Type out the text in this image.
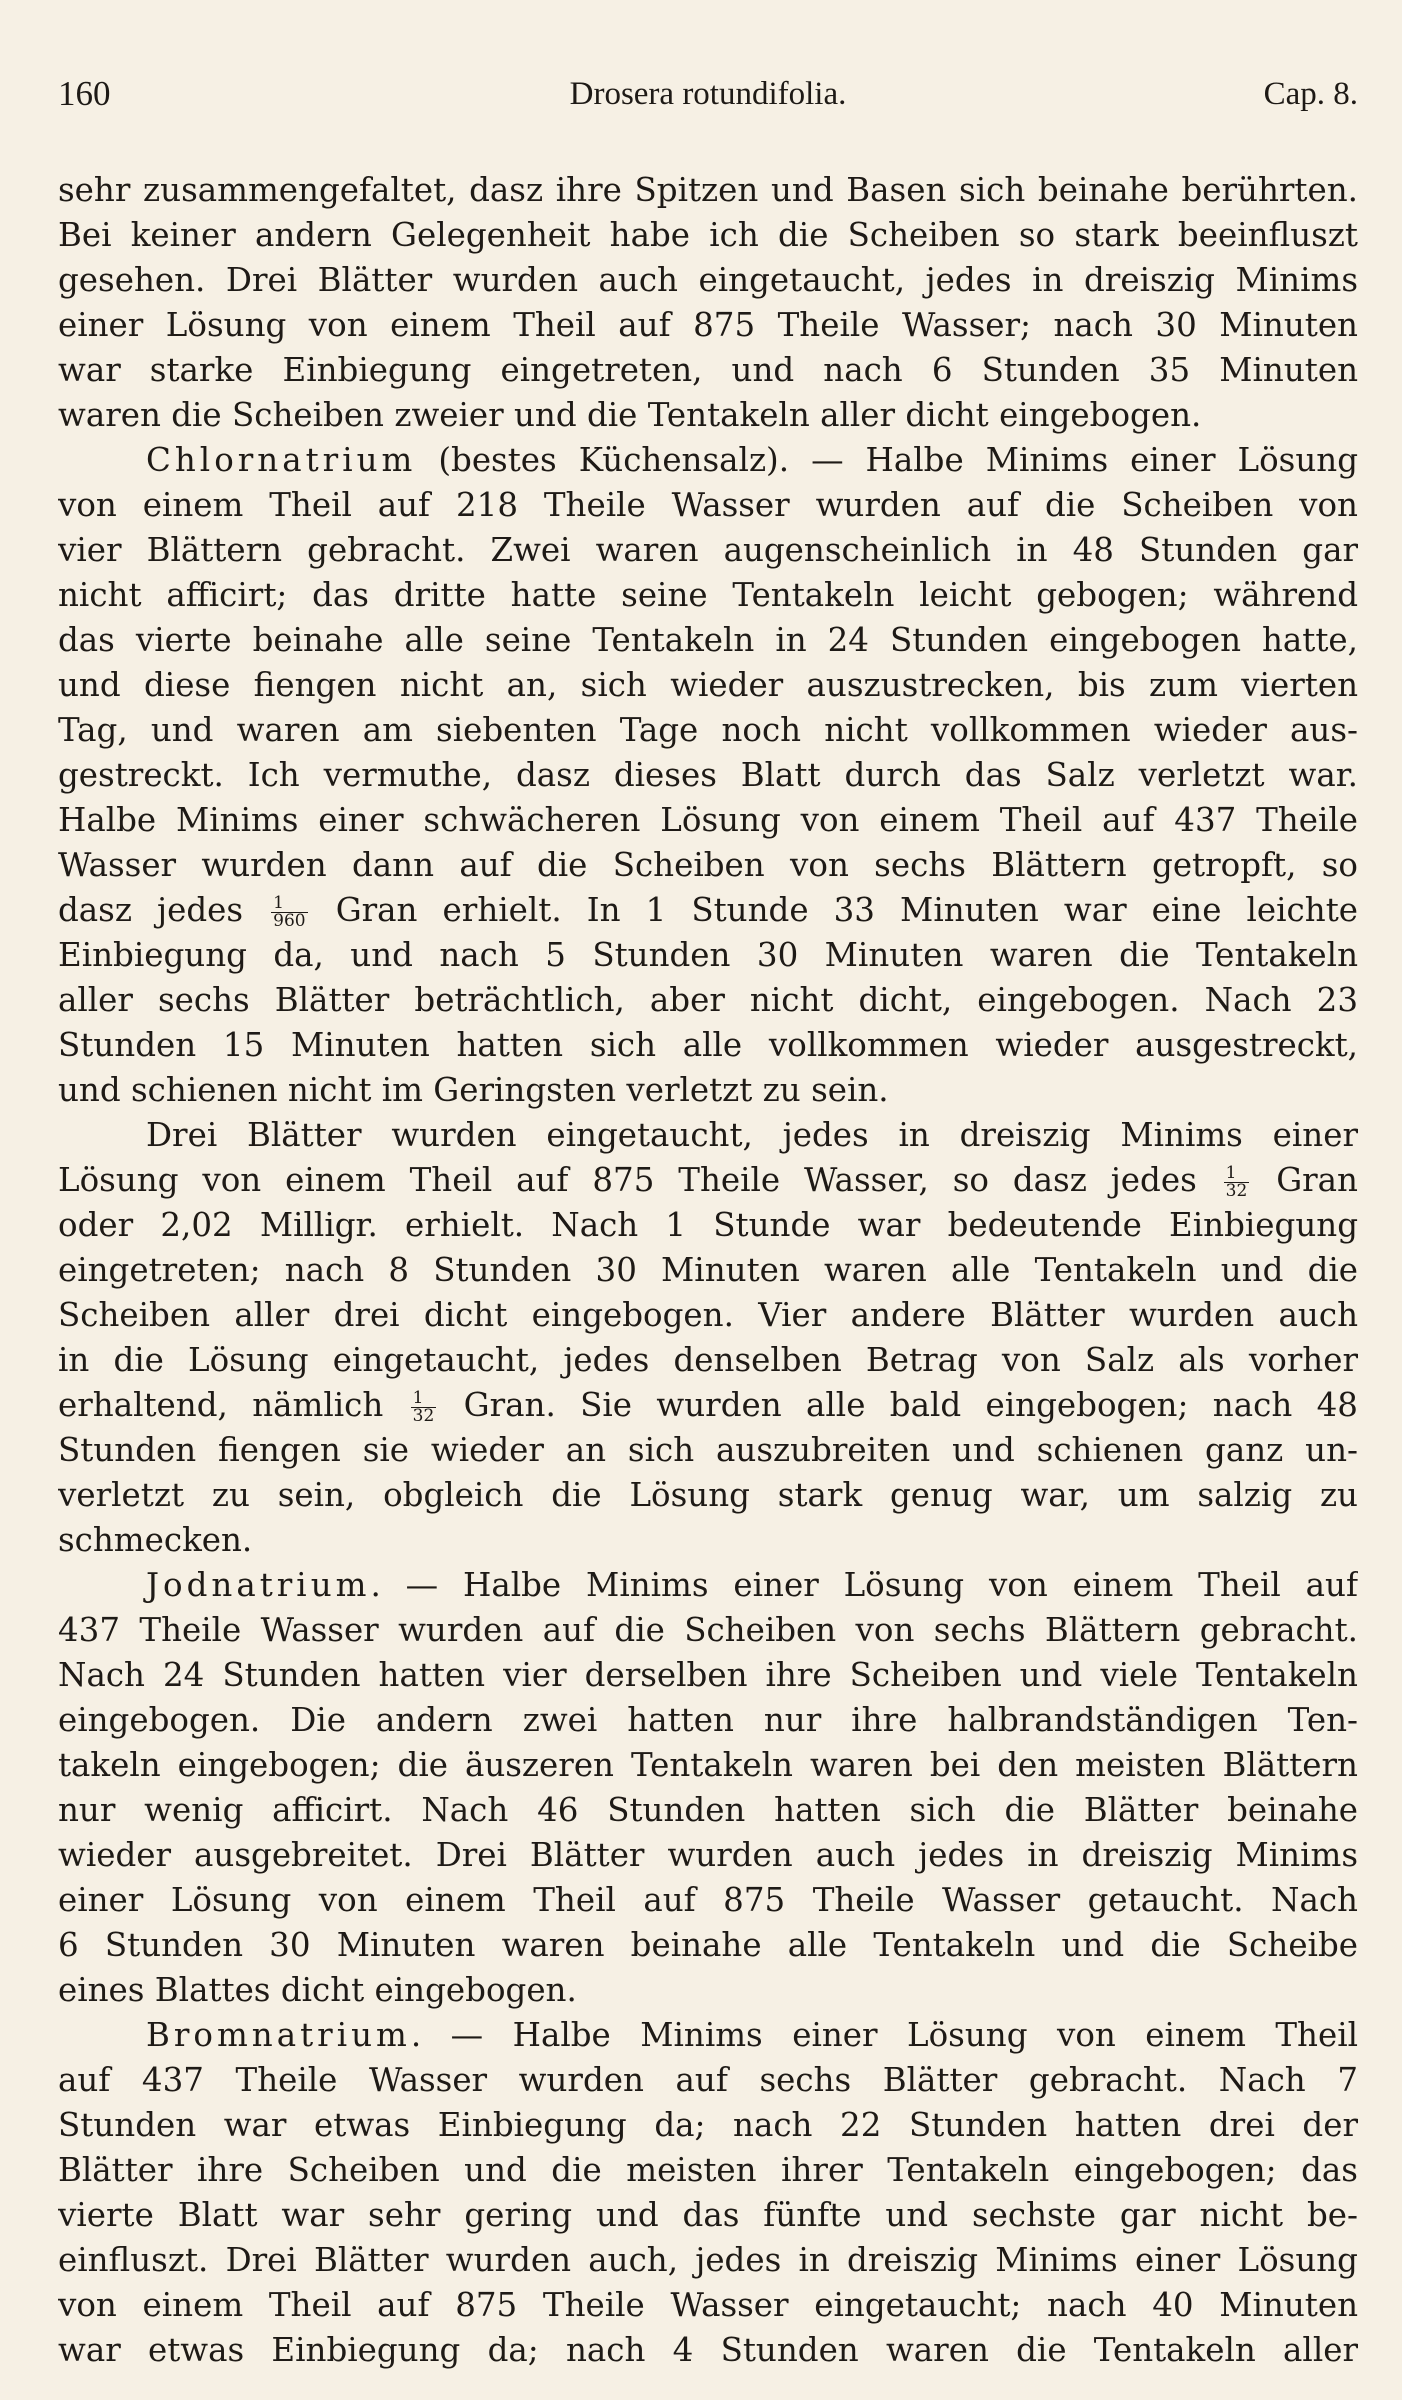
160	Drosera rotundifolia.	Cap. 8.
sehr zusammengefaltet, dasz ihre Spitzen und Basen sich beinahe berührten.
Bei keiner andern Gelegenheit habe ich die Scheiben so stark beeinfluszt
gesehen. Drei Blätter wurden auch eingetaucht, jedes in dreiszig Minims
einer Lösung von einem Theil auf 875 Theile Wasser; nach 30 Minuten
war starke Einbiegung eingetreten, und nach 6 Stunden 35 Minuten
waren die Scheiben zweier und die Tentakeln aller dicht eingebogen.
Chlornatrium (bestes Küchensalz). — Halbe Minims einer Lösung
von einem Theil auf 218 Theile Wasser wurden auf die Scheiben von
vier Blättern gebracht. Zwei waren augenscheinlich in 48 Stunden gar
nicht afficirt; das dritte hatte seine Tentakeln leicht gebogen; während
das vierte beinahe alle seine Tentakeln in 24 Stunden eingebogen hatte,
und diese fiengen nicht an, sich wieder auszustrecken, bis zum vierten
Tag, und waren am siebenten Tage noch nicht vollkommen wieder aus-
gestreckt. Ich vermuthe, dasz dieses Blatt durch das Salz verletzt war.
Halbe Minims einer schwächeren Lösung von einem Theil auf 437 Theile
Wasser wurden dann auf die Scheiben von sechs Blättern getropft, so
dasz jedes $\frac{1}{960}$ Gran erhielt. In 1 Stunde 33 Minuten war eine leichte
Einbiegung da, und nach 5 Stunden 30 Minuten waren die Tentakeln
aller sechs Blätter beträchtlich, aber nicht dicht, eingebogen. Nach 23
Stunden 15 Minuten hatten sich alle vollkommen wieder ausgestreckt,
und schienen nicht im Geringsten verletzt zu sein.
Drei Blätter wurden eingetaucht, jedes in dreiszig Minims einer
Lösung von einem Theil auf 875 Theile Wasser, so dasz jedes $\frac{1}{32}$ Gran
oder 2,02 Milligr. erhielt. Nach 1 Stunde war bedeutende Einbiegung
eingetreten; nach 8 Stunden 30 Minuten waren alle Tentakeln und die
Scheiben aller drei dicht eingebogen. Vier andere Blätter wurden auch
in die Lösung eingetaucht, jedes denselben Betrag von Salz als vorher
erhaltend, nämlich $\frac{1}{32}$ Gran. Sie wurden alle bald eingebogen; nach 48
Stunden fiengen sie wieder an sich auszubreiten und schienen ganz un-
verletzt zu sein, obgleich die Lösung stark genug war, um salzig zu
schmecken.
Jodnatrium. — Halbe Minims einer Lösung von einem Theil auf
437 Theile Wasser wurden auf die Scheiben von sechs Blättern gebracht.
Nach 24 Stunden hatten vier derselben ihre Scheiben und viele Tentakeln
eingebogen. Die andern zwei hatten nur ihre halbrandständigen Ten-
takeln eingebogen; die äuszeren Tentakeln waren bei den meisten Blättern
nur wenig afficirt. Nach 46 Stunden hatten sich die Blätter beinahe
wieder ausgebreitet. Drei Blätter wurden auch jedes in dreiszig Minims
einer Lösung von einem Theil auf 875 Theile Wasser getaucht. Nach
6 Stunden 30 Minuten waren beinahe alle Tentakeln und die Scheibe
eines Blattes dicht eingebogen.
Bromnatrium. — Halbe Minims einer Lösung von einem Theil
auf 437 Theile Wasser wurden auf sechs Blätter gebracht. Nach 7
Stunden war etwas Einbiegung da; nach 22 Stunden hatten drei der
Blätter ihre Scheiben und die meisten ihrer Tentakeln eingebogen; das
vierte Blatt war sehr gering und das fünfte und sechste gar nicht be-
einfluszt. Drei Blätter wurden auch, jedes in dreiszig Minims einer Lösung
von einem Theil auf 875 Theile Wasser eingetaucht; nach 40 Minuten
war etwas Einbiegung da; nach 4 Stunden waren die Tentakeln aller
